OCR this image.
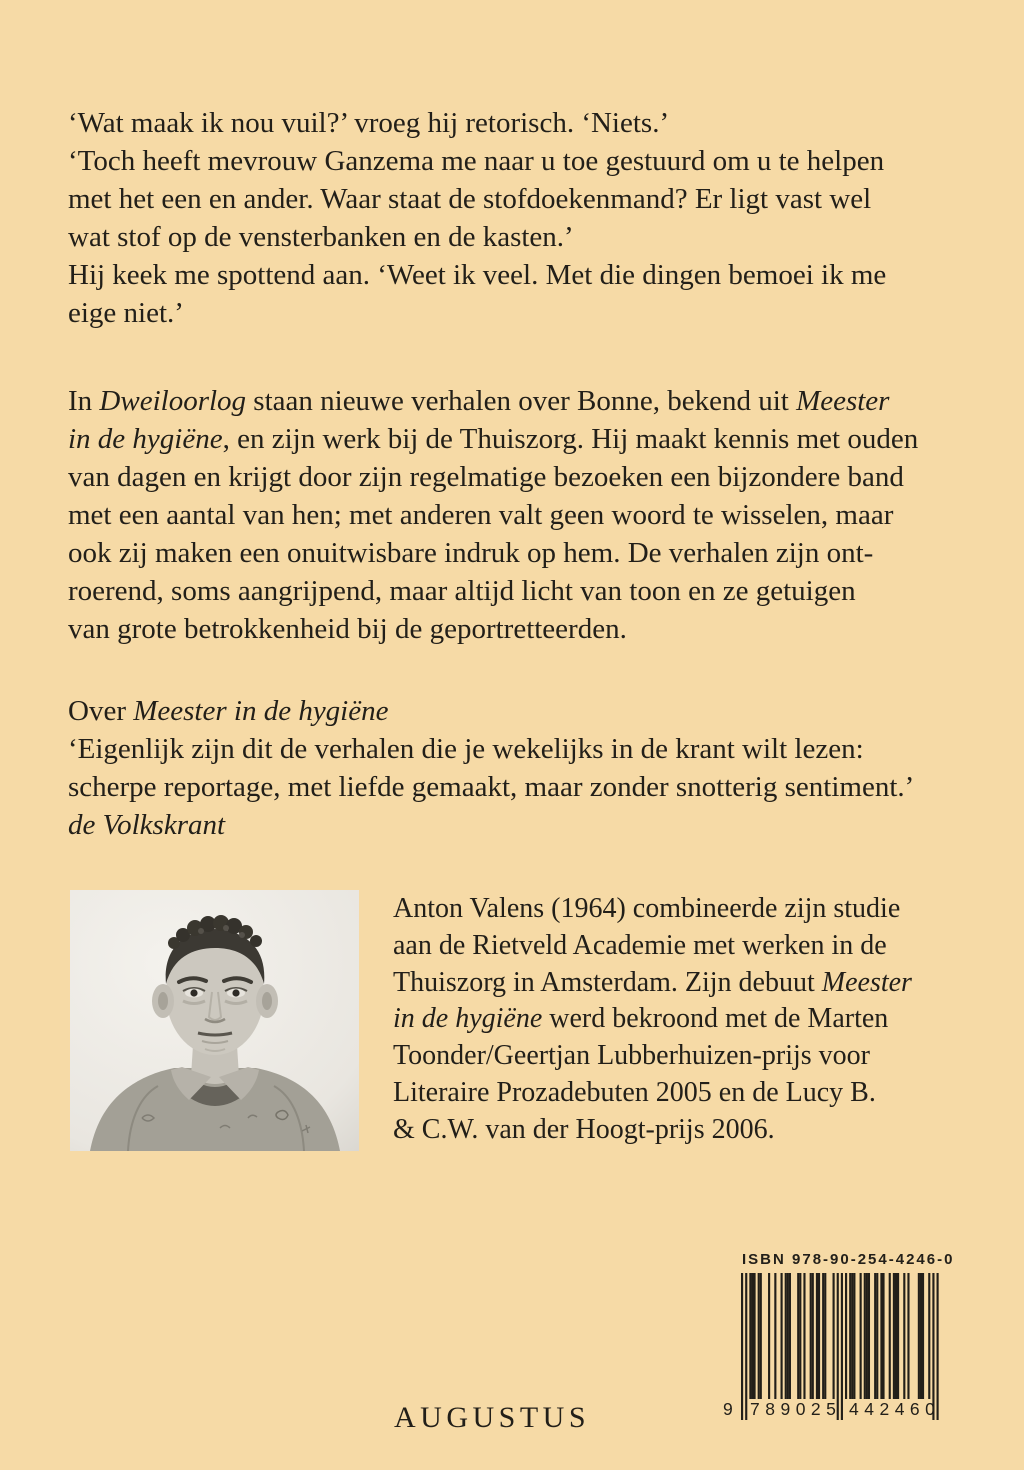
‘Wat maak ik nou vuil?’ vroeg hij retorisch. ‘Niets.’
‘Toch heeft mevrouw Ganzema me naar u toe gestuurd om u te helpen
met het een en ander. Waar staat de stofdoekenmand? Er ligt vast wel
wat stof op de vensterbanken en de kasten.’
Hij keek me spottend aan. ‘Weet ik veel. Met die dingen bemoei ik me
eige niet.’
In Dweiloorlog staan nieuwe verhalen over Bonne, bekend uit Meester
in de hygiëne, en zijn werk bij de Thuiszorg. Hij maakt kennis met ouden
van dagen en krijgt door zijn regelmatige bezoeken een bijzondere band
met een aantal van hen; met anderen valt geen woord te wisselen, maar
ook zij maken een onuitwisbare indruk op hem. De verhalen zijn ont-
roerend, soms aangrijpend, maar altijd licht van toon en ze getuigen
van grote betrokkenheid bij de geportretteerden.
Over Meester in de hygiëne
‘Eigenlijk zijn dit de verhalen die je wekelijks in de krant wilt lezen:
scherpe reportage, met liefde gemaakt, maar zonder snotterig sentiment.’
de Volkskrant
Anton Valens (1964) combineerde zijn studie
aan de Rietveld Academie met werken in de
Thuiszorg in Amsterdam. Zijn debuut Meester
in de hygiëne werd bekroond met de Marten
Toonder/Geertjan Lubberhuizen-prijs voor
Literaire Prozadebuten 2005 en de Lucy B.
& C.W. van der Hoogt-prijs 2006.
ISBN 978-90-254-4246-0
9 789025 442460
AUGUSTUS
